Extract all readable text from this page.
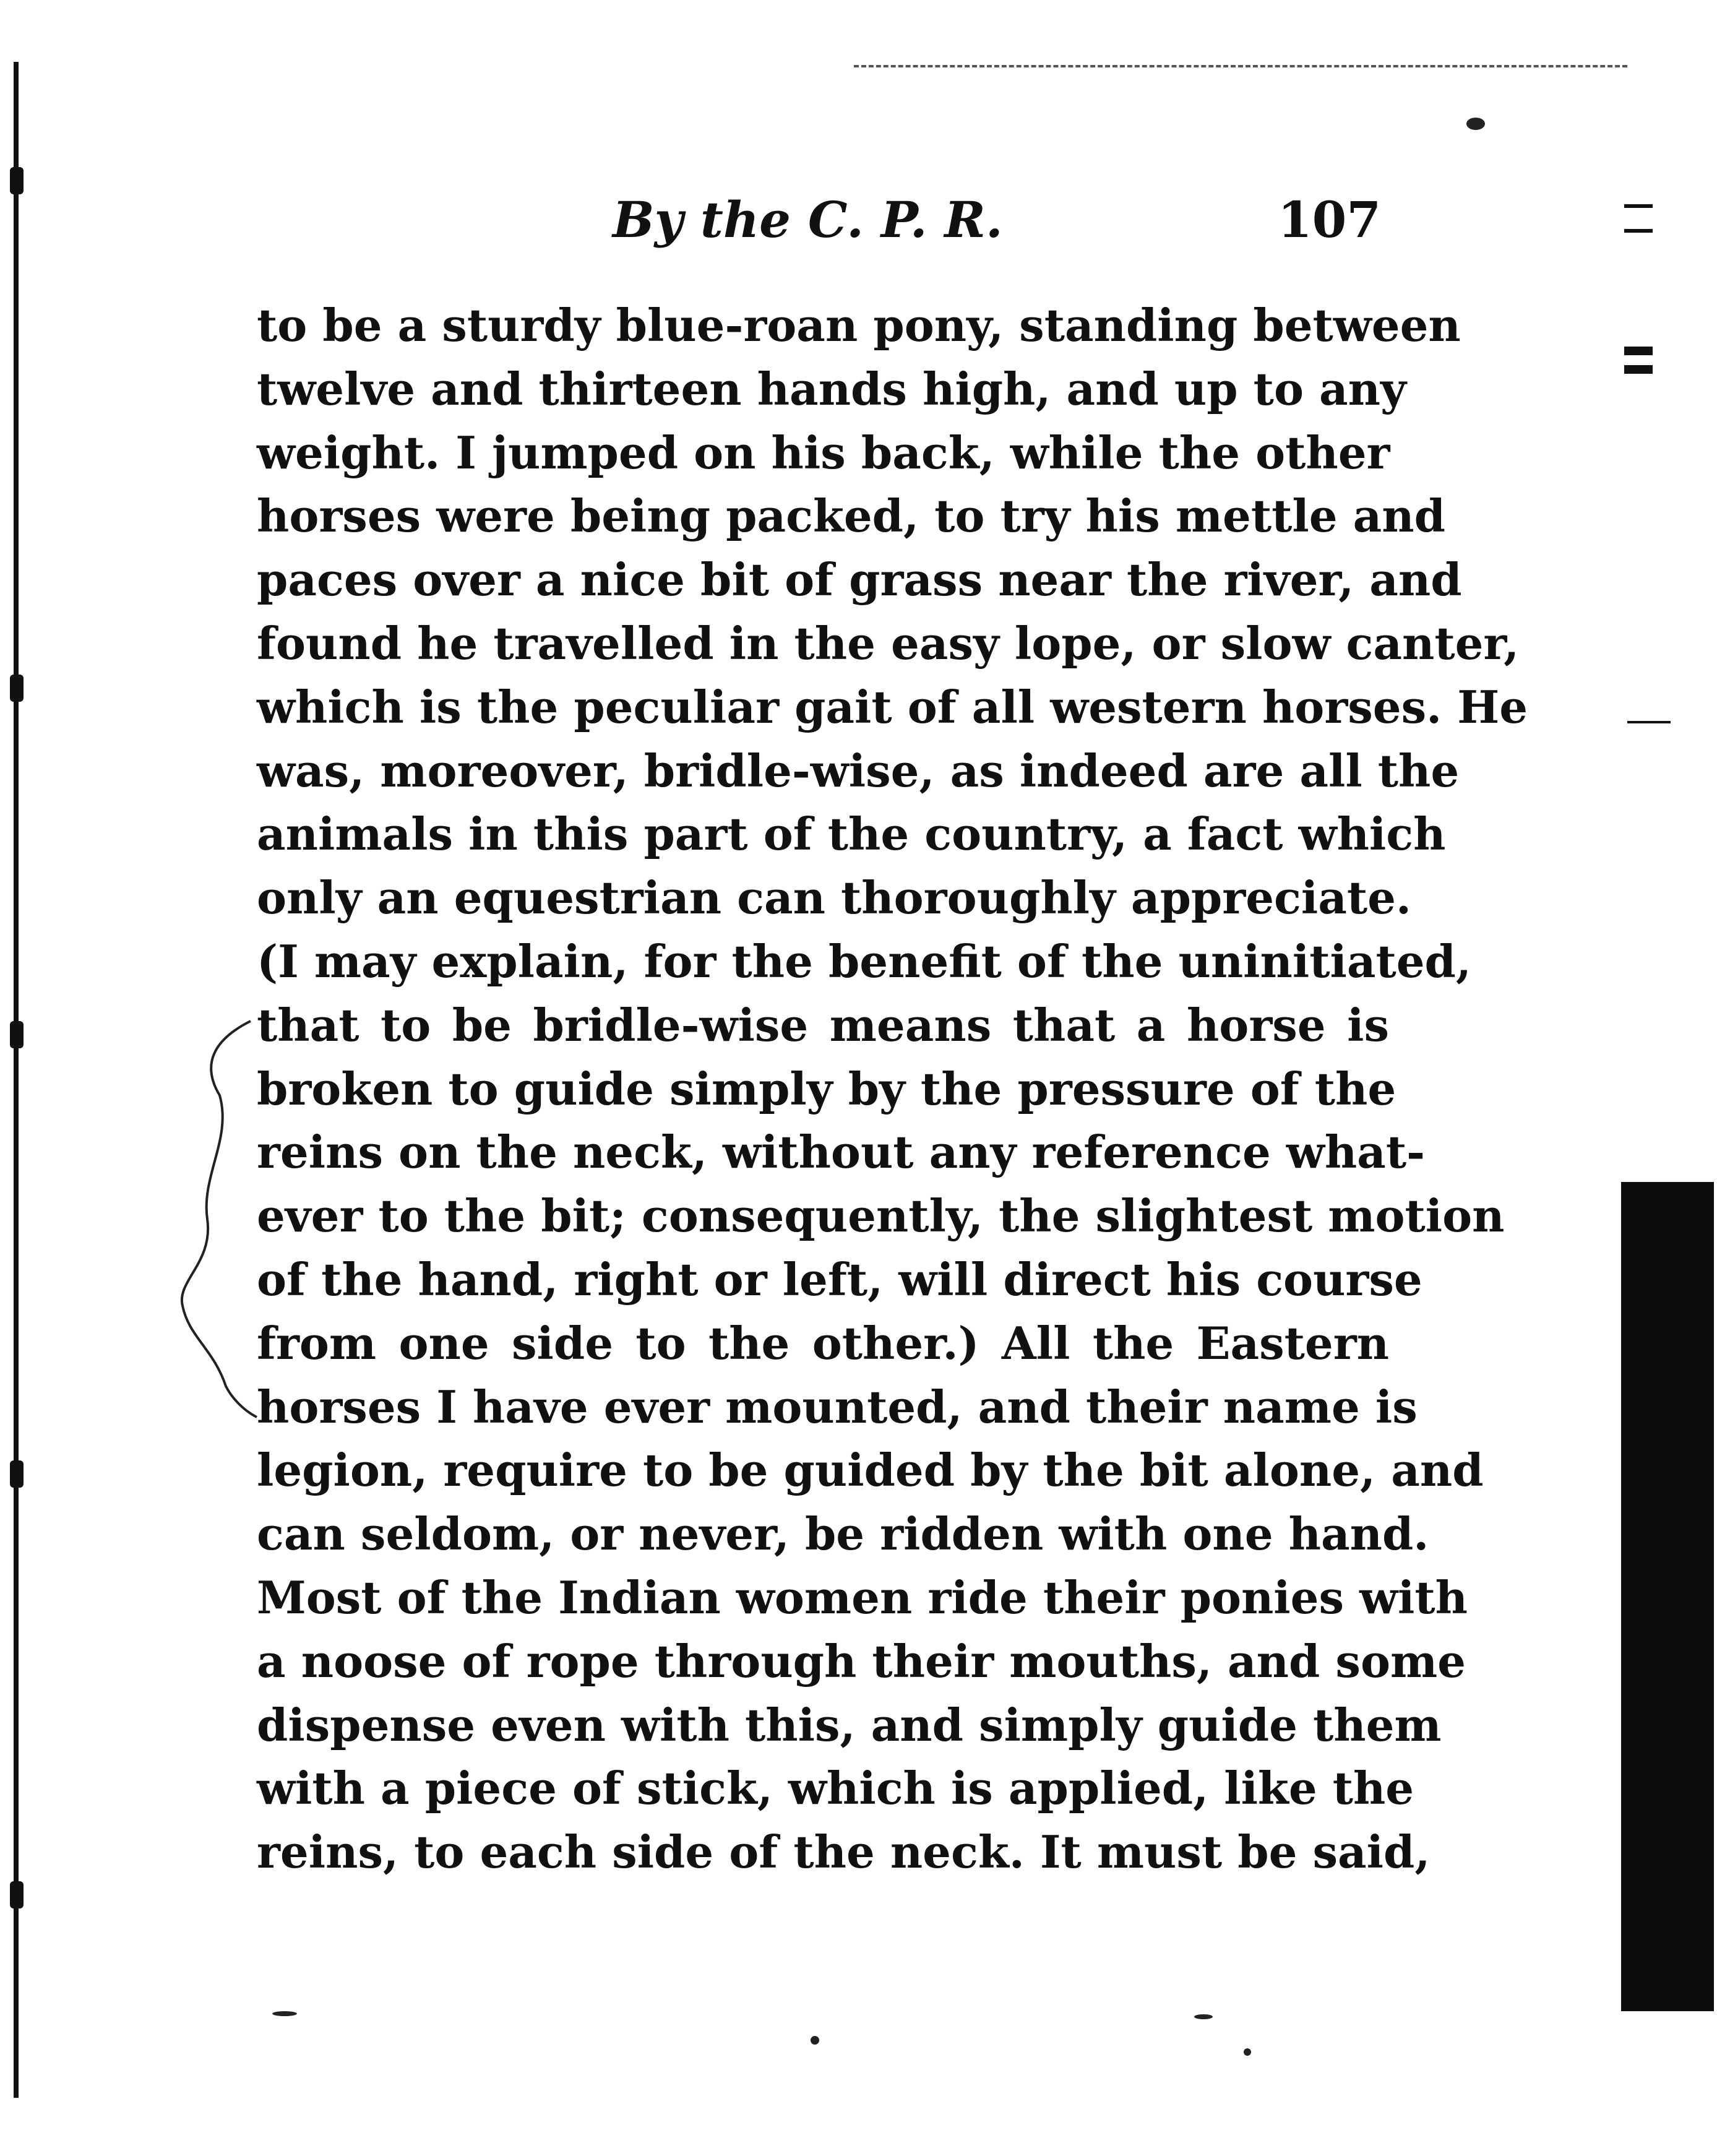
By the C. P. R.	107
to be a sturdy blue-roan pony, standing between
twelve and thirteen hands high, and up to any
weight. I jumped on his back, while the other
horses were being packed, to try his mettle and
paces over a nice bit of grass near the river, and
found he travelled in the easy lope, or slow canter,
which is the peculiar gait of all western horses. He
was, moreover, bridle-wise, as indeed are all the
animals in this part of the country, a fact which
only an equestrian can thoroughly appreciate.
(I may explain, for the benefit of the uninitiated,
that to be bridle-wise means that a horse is
broken to guide simply by the pressure of the
reins on the neck, without any reference what-
ever to the bit; consequently, the slightest motion
of the hand, right or left, will direct his course
from one side to the other.) All the Eastern
horses I have ever mounted, and their name is
legion, require to be guided by the bit alone, and
can seldom, or never, be ridden with one hand.
Most of the Indian women ride their ponies with
a noose of rope through their mouths, and some
dispense even with this, and simply guide them
with a piece of stick, which is applied, like the
reins, to each side of the neck. It must be said,
